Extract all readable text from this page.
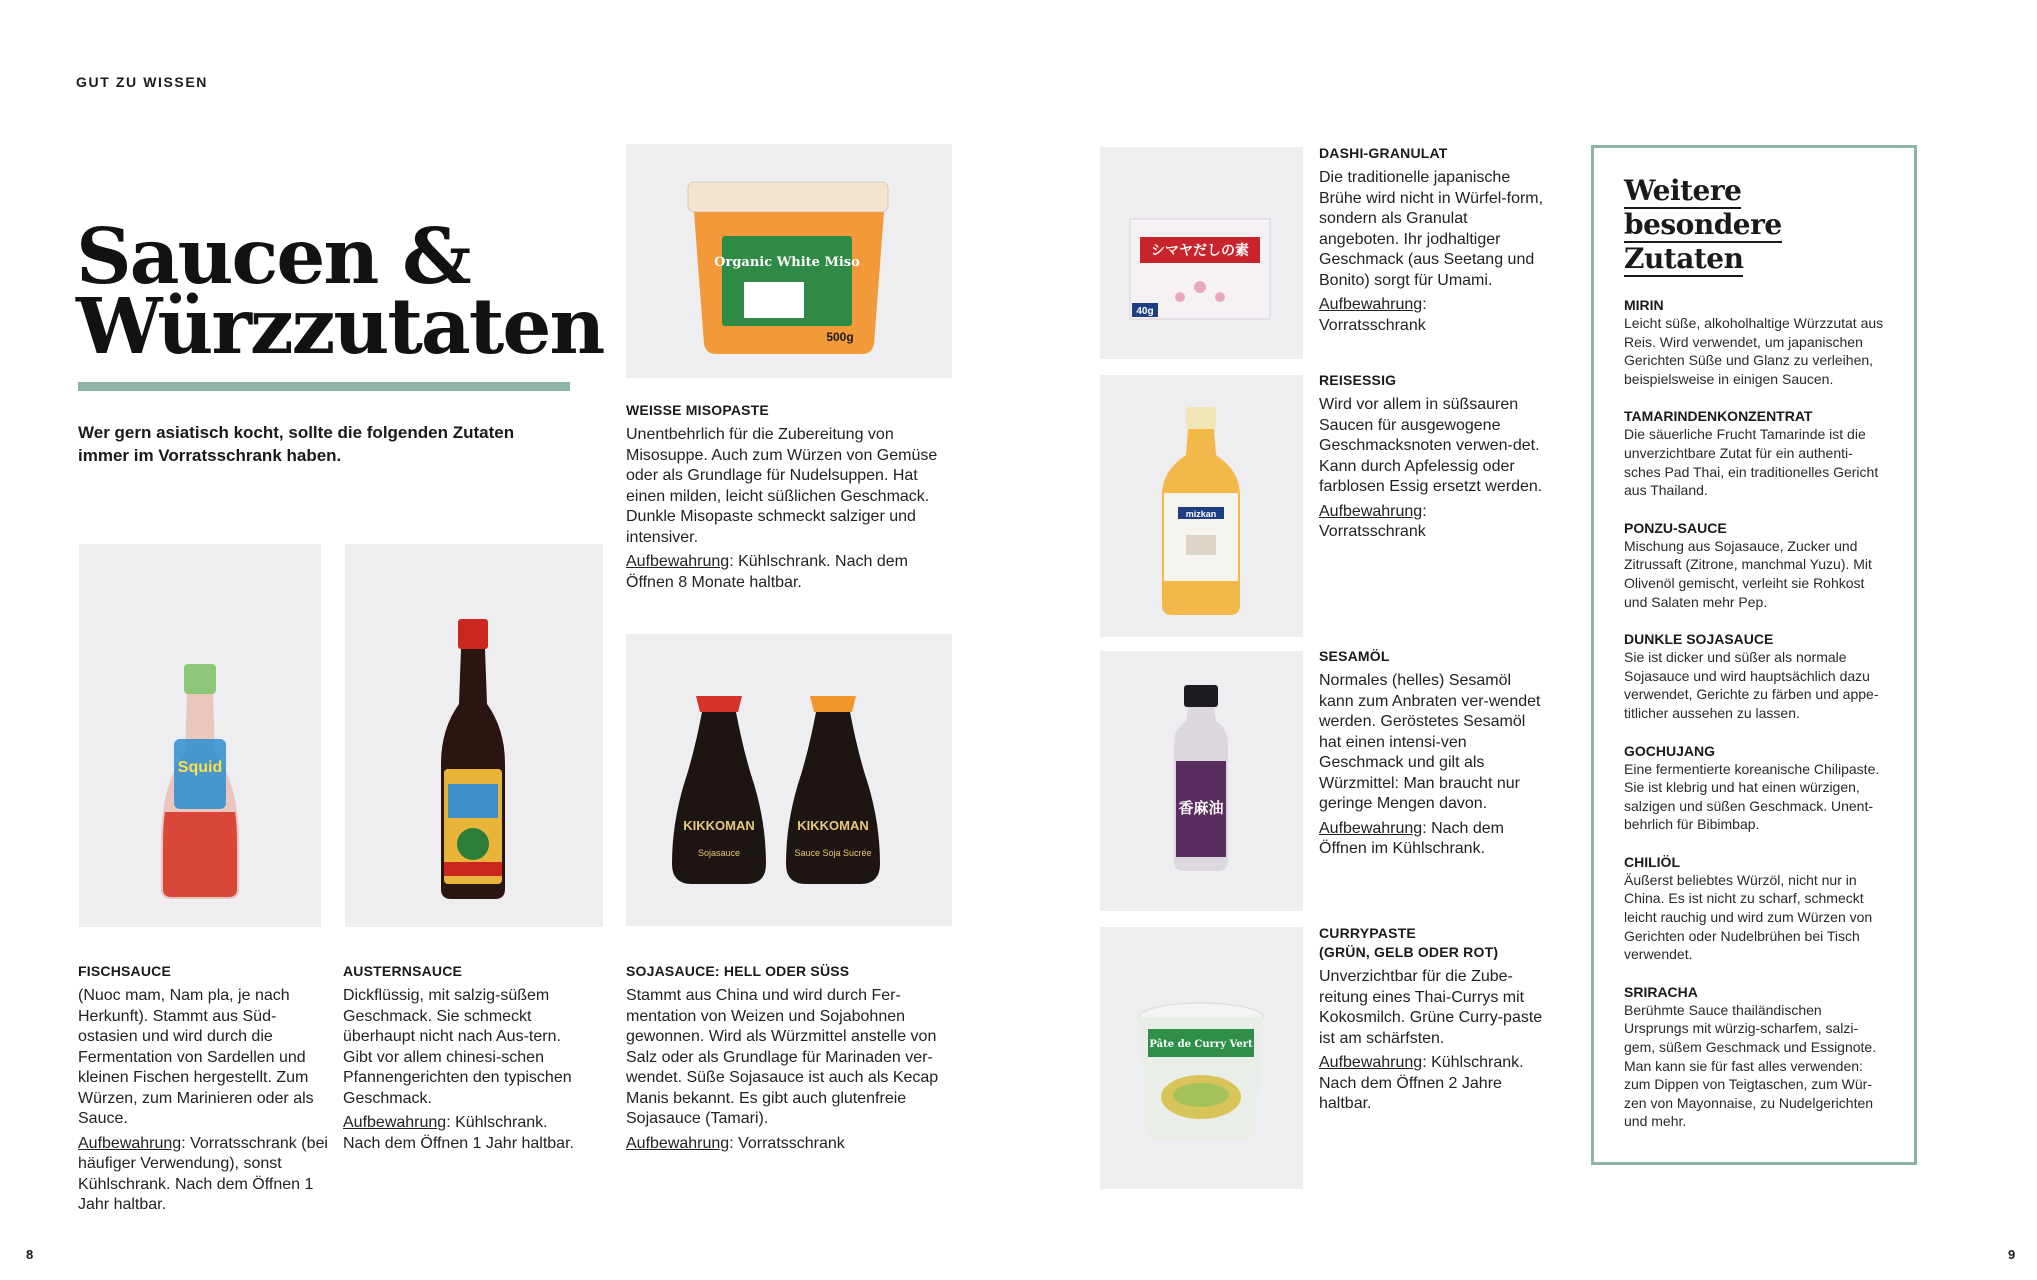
GUT ZU WISSEN
Saucen &
Würzzutaten
Wer gern asiatisch kocht, sollte die folgenden Zutaten immer im Vorratsschrank haben.
Squid
FISCHSAUCE
(Nuoc mam, Nam pla, je nach Herkunft). Stammt aus Süd-ostasien und wird durch die Fermentation von Sardellen und kleinen Fischen hergestellt. Zum Würzen, zum Marinieren oder als Sauce.
Aufbewahrung: Vorratsschrank (bei häufiger Verwendung), sonst Kühlschrank. Nach dem Öffnen 1 Jahr haltbar.
AUSTERNSAUCE
Dickflüssig, mit salzig-süßem Geschmack. Sie schmeckt überhaupt nicht nach Aus-tern. Gibt vor allem chinesi-schen Pfannengerichten den typischen Geschmack.
Aufbewahrung: Kühlschrank. Nach dem Öffnen 1 Jahr haltbar.
Organic White Miso
500g
WEISSE MISOPASTE
Unentbehrlich für die Zubereitung von Misosuppe. Auch zum Würzen von Gemüse oder als Grundlage für Nudelsuppen. Hat einen milden, leicht süßlichen Geschmack. Dunkle Misopaste schmeckt salziger und intensiver.
Aufbewahrung: Kühlschrank. Nach dem Öffnen 8 Monate haltbar.
KIKKOMAN
Sojasauce
KIKKOMAN
Sauce Soja Sucrée
SOJASAUCE: HELL ODER SÜSS
Stammt aus China und wird durch Fer-mentation von Weizen und Sojabohnen gewonnen. Wird als Würzmittel anstelle von Salz oder als Grundlage für Marinaden ver-wendet. Süße Sojasauce ist auch als Kecap Manis bekannt. Es gibt auch glutenfreie Sojasauce (Tamari).
Aufbewahrung: Vorratsschrank
シマヤだしの素
40g
mizkan
香麻油
Pâte de Curry Vert
DASHI-GRANULAT
Die traditionelle japanische Brühe wird nicht in Würfel-form, sondern als Granulat angeboten. Ihr jodhaltiger Geschmack (aus Seetang und Bonito) sorgt für Umami.
Aufbewahrung:
Vorratsschrank
REISESSIG
Wird vor allem in süßsauren Saucen für ausgewogene Geschmacksnoten verwen-det. Kann durch Apfelessig oder farblosen Essig ersetzt werden.
Aufbewahrung:
Vorratsschrank
SESAMÖL
Normales (helles) Sesamöl kann zum Anbraten ver-wendet werden. Geröstetes Sesamöl hat einen intensi-ven Geschmack und gilt als Würzmittel: Man braucht nur geringe Mengen davon.
Aufbewahrung: Nach dem Öffnen im Kühlschrank.
CURRYPASTE
(GRÜN, GELB ODER ROT)
Unverzichtbar für die Zube-reitung eines Thai-Currys mit Kokosmilch. Grüne Curry-paste ist am schärfsten.
Aufbewahrung: Kühlschrank. Nach dem Öffnen 2 Jahre haltbar.
Weitere besondere
Zutaten
MIRIN
Leicht süße, alkoholhaltige Würzzutat aus Reis. Wird verwendet, um japanischen Gerichten Süße und Glanz zu verleihen, beispielsweise in einigen Saucen.
TAMARINDENKONZENTRAT
Die säuerliche Frucht Tamarinde ist die unverzichtbare Zutat für ein authenti-sches Pad Thai, ein traditionelles Gericht aus Thailand.
PONZU-SAUCE
Mischung aus Sojasauce, Zucker und Zitrussaft (Zitrone, manchmal Yuzu). Mit Olivenöl gemischt, verleiht sie Rohkost und Salaten mehr Pep.
DUNKLE SOJASAUCE
Sie ist dicker und süßer als normale Sojasauce und wird hauptsächlich dazu verwendet, Gerichte zu färben und appe-titlicher aussehen zu lassen.
GOCHUJANG
Eine fermentierte koreanische Chilipaste. Sie ist klebrig und hat einen würzigen, salzigen und süßen Geschmack. Unent-behrlich für Bibimbap.
CHILIÖL
Äußerst beliebtes Würzöl, nicht nur in China. Es ist nicht zu scharf, schmeckt leicht rauchig und wird zum Würzen von Gerichten oder Nudelbrühen bei Tisch verwendet.
SRIRACHA
Berühmte Sauce thailändischen Ursprungs mit würzig-scharfem, salzi-gem, süßem Geschmack und Essignote. Man kann sie für fast alles verwenden: zum Dippen von Teigtaschen, zum Wür-zen von Mayonnaise, zu Nudelgerichten und mehr.
8	9
